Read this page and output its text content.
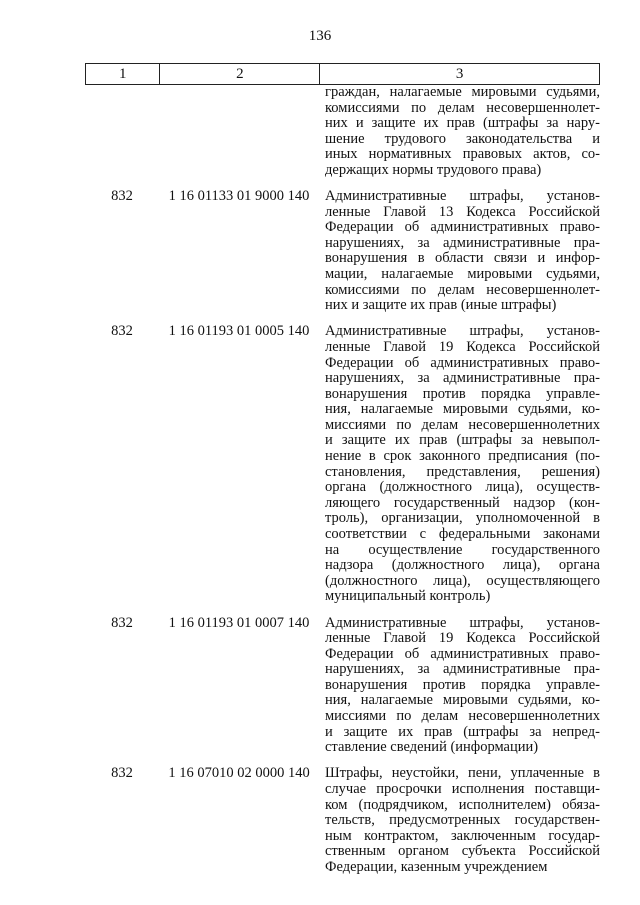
136
1	2	3
граждан, налагаемые мировыми судьями,
комиссиями по делам несовершеннолет-
них и защите их прав (штрафы за нару-
шение трудового законодательства и
иных нормативных правовых актов, со-
держащих нормы трудового права)
832	1 16 01133 01 9000 140	Административные штрафы, установ-
ленные Главой 13 Кодекса Российской
Федерации об административных право-
нарушениях, за административные пра-
вонарушения в области связи и инфор-
мации, налагаемые мировыми судьями,
комиссиями по делам несовершеннолет-
них и защите их прав (иные штрафы)
832	1 16 01193 01 0005 140	Административные штрафы, установ-
ленные Главой 19 Кодекса Российской
Федерации об административных право-
нарушениях, за административные пра-
вонарушения против порядка управле-
ния, налагаемые мировыми судьями, ко-
миссиями по делам несовершеннолетних
и защите их прав (штрафы за невыпол-
нение в срок законного предписания (по-
становления, представления, решения)
органа (должностного лица), осуществ-
ляющего государственный надзор (кон-
троль), организации, уполномоченной в
соответствии с федеральными законами
на осуществление государственного
надзора (должностного лица), органа
(должностного лица), осуществляющего
муниципальный контроль)
832	1 16 01193 01 0007 140	Административные штрафы, установ-
ленные Главой 19 Кодекса Российской
Федерации об административных право-
нарушениях, за административные пра-
вонарушения против порядка управле-
ния, налагаемые мировыми судьями, ко-
миссиями по делам несовершеннолетних
и защите их прав (штрафы за непред-
ставление сведений (информации)
832	1 16 07010 02 0000 140	Штрафы, неустойки, пени, уплаченные в
случае просрочки исполнения поставщи-
ком (подрядчиком, исполнителем) обяза-
тельств, предусмотренных государствен-
ным контрактом, заключенным государ-
ственным органом субъекта Российской
Федерации, казенным учреждением
